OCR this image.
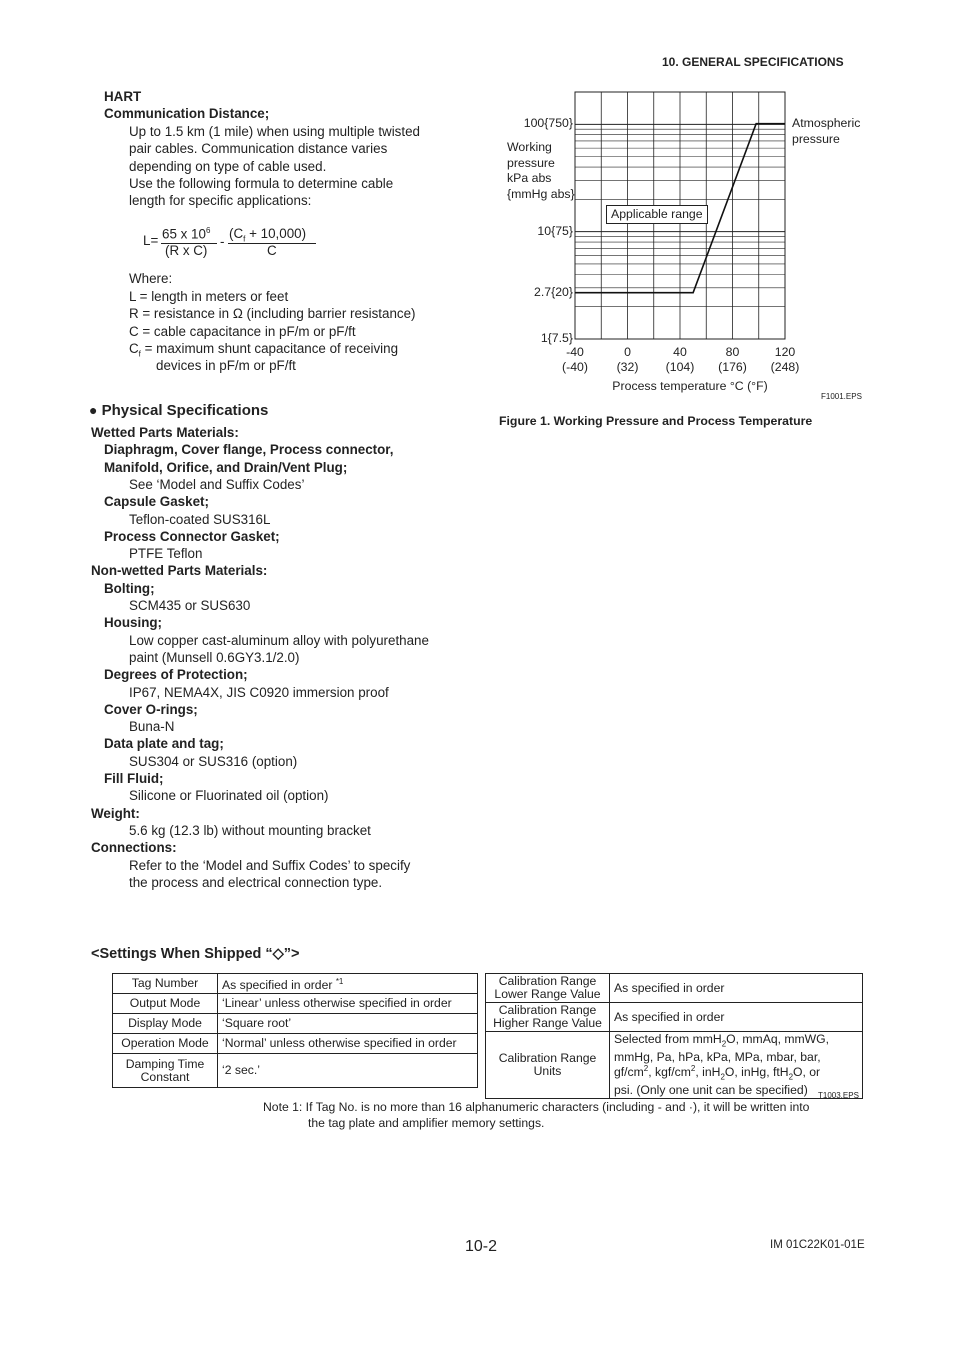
10. GENERAL SPECIFICATIONS
HART
Communication Distance;
Up to 1.5 km (1 mile) when using multiple twisted
pair cables. Communication distance varies
depending on type of cable used.
Use the following formula to determine cable
length for specific applications:
L= 65 x $10^6$
(R x C)
-
$(C_f + 10,000)$
C
Where:
L = length in meters or feet
R = resistance in Ω (including barrier resistance)
C = cable capacitance in pF/m or pF/ft
$C_f$ = maximum shunt capacitance of receiving
devices in pF/m or pF/ft
● Physical Specifications
Wetted Parts Materials:
Diaphragm, Cover flange, Process connector,
Manifold, Orifice, and Drain/Vent Plug;
See ‘Model and Suffix Codes’
Capsule Gasket;
Teflon-coated SUS316L
Process Connector Gasket;
PTFE Teflon
Non-wetted Parts Materials:
Bolting;
SCM435 or SUS630
Housing;
Low copper cast-aluminum alloy with polyurethane
paint (Munsell 0.6GY3.1/2.0)
Degrees of Protection;
IP67, NEMA4X, JIS C0920 immersion proof
Cover O-rings;
Buna-N
Data plate and tag;
SUS304 or SUS316 (option)
Fill Fluid;
Silicone or Fluorinated oil (option)
Weight:
5.6 kg (12.3 lb) without mounting bracket
Connections:
Refer to the ‘Model and Suffix Codes’ to specify
the process and electrical connection type.
1{7.5}
2.7{20}
10{75}
100{750}
-40
(-40)
0
(32)
40
(104)
80
(176)
120
(248)
Process temperature °C (°F)
Working
pressure
kPa abs
{mmHg abs}
Atmospheric
pressure
Applicable range
F1001.EPS
Figure 1. Working Pressure and Process Temperature
<Settings When Shipped “◇”>
Tag Number	As specified in order $^{*1}$
Output Mode	‘Linear’ unless otherwise specified in order
Display Mode	‘Square root’
Operation Mode	‘Normal’ unless otherwise specified in order
Damping Time
Constant	‘2 sec.’
Calibration Range
Lower Range Value	As specified in order
Calibration Range
Higher Range Value	As specified in order
Calibration Range
Units	Selected from mmH$_2$O, mmAq, mmWG,
mmHg, Pa, hPa, kPa, MPa, mbar, bar,
$gf/cm^2$, kgf/$cm^2$, inH$_2$O, inHg, ftH$_2$O, or
psi. (Only one unit can be specified) T1003.EPS
Note 1: If Tag No. is no more than 16 alphanumeric characters (including - and ·), it will be written into
the tag plate and amplifier memory settings.
10-2	IM 01C22K01-01E
